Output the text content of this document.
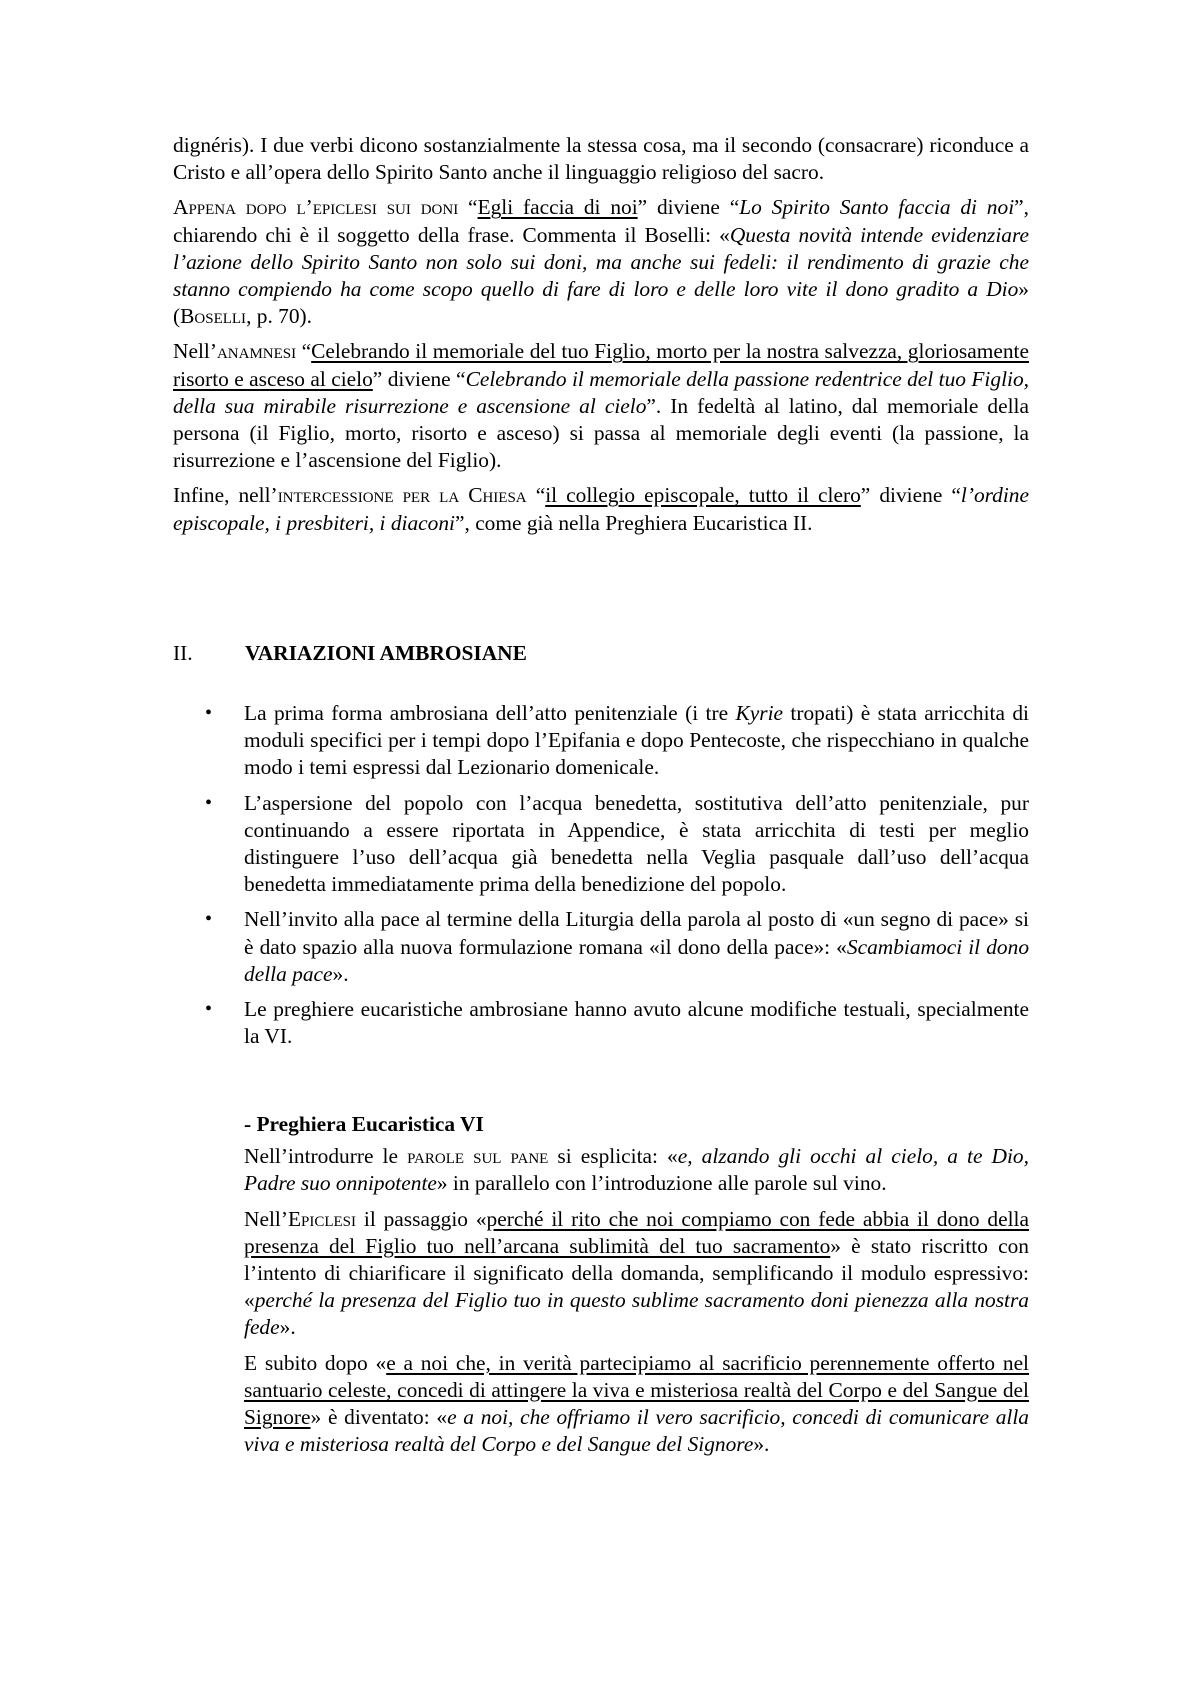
dignéris). I due verbi dicono sostanzialmente la stessa cosa, ma il secondo (consacrare) riconduce a Cristo e all’opera dello Spirito Santo anche il linguaggio religioso del sacro.

Appena dopo l’epiclesi sui doni “Egli faccia di noi” diviene “Lo Spirito Santo faccia di noi”, chiarendo chi è il soggetto della frase. Commenta il Boselli: «Questa novità intende evidenziare l’azione dello Spirito Santo non solo sui doni, ma anche sui fedeli: il rendimento di grazie che stanno compiendo ha come scopo quello di fare di loro e delle loro vite il dono gradito a Dio» (Boselli, p. 70).

Nell’anamnesi “Celebrando il memoriale del tuo Figlio, morto per la nostra salvezza, gloriosamente risorto e asceso al cielo” diviene “Celebrando il memoriale della passione redentrice del tuo Figlio, della sua mirabile risurrezione e ascensione al cielo”. In fedeltà al latino, dal memoriale della persona (il Figlio, morto, risorto e asceso) si passa al memoriale degli eventi (la passione, la risurrezione e l’ascensione del Figlio).

Infine, nell’intercessione per la Chiesa “il collegio episcopale, tutto il clero” diviene “l’ordine episcopale, i presbiteri, i diaconi”, come già nella Preghiera Eucaristica II.

II. VARIAZIONI AMBROSIANE
• La prima forma ambrosiana dell’atto penitenziale (i tre Kyrie tropati) è stata arricchita di moduli specifici per i tempi dopo l’Epifania e dopo Pentecoste, che rispecchiano in qualche modo i temi espressi dal Lezionario domenicale.
• L’aspersione del popolo con l’acqua benedetta, sostitutiva dell’atto penitenziale, pur continuando a essere riportata in Appendice, è stata arricchita di testi per meglio distinguere l’uso dell’acqua già benedetta nella Veglia pasquale dall’uso dell’acqua benedetta immediatamente prima della benedizione del popolo.
• Nell’invito alla pace al termine della Liturgia della parola al posto di «un segno di pace» si è dato spazio alla nuova formulazione romana «il dono della pace»: «Scambiamoci il dono della pace».
• Le preghiere eucaristiche ambrosiane hanno avuto alcune modifiche testuali, specialmente la VI.

- Preghiera Eucaristica VI

Nell’introdurre le parole sul pane si esplicita: «e, alzando gli occhi al cielo, a te Dio, Padre suo onnipotente» in parallelo con l’introduzione alle parole sul vino.

Nell’Epiclesi il passaggio «perché il rito che noi compiamo con fede abbia il dono della presenza del Figlio tuo nell’arcana sublimità del tuo sacramento» è stato riscritto con l’intento di chiarificare il significato della domanda, semplificando il modulo espressivo: «perché la presenza del Figlio tuo in questo sublime sacramento doni pienezza alla nostra fede».

E subito dopo «e a noi che, in verità partecipiamo al sacrificio perennemente offerto nel santuario celeste, concedi di attingere la viva e misteriosa realtà del Corpo e del Sangue del Signore» è diventato: «e a noi, che offriamo il vero sacrificio, concedi di comunicare alla viva e misteriosa realtà del Corpo e del Sangue del Signore».
